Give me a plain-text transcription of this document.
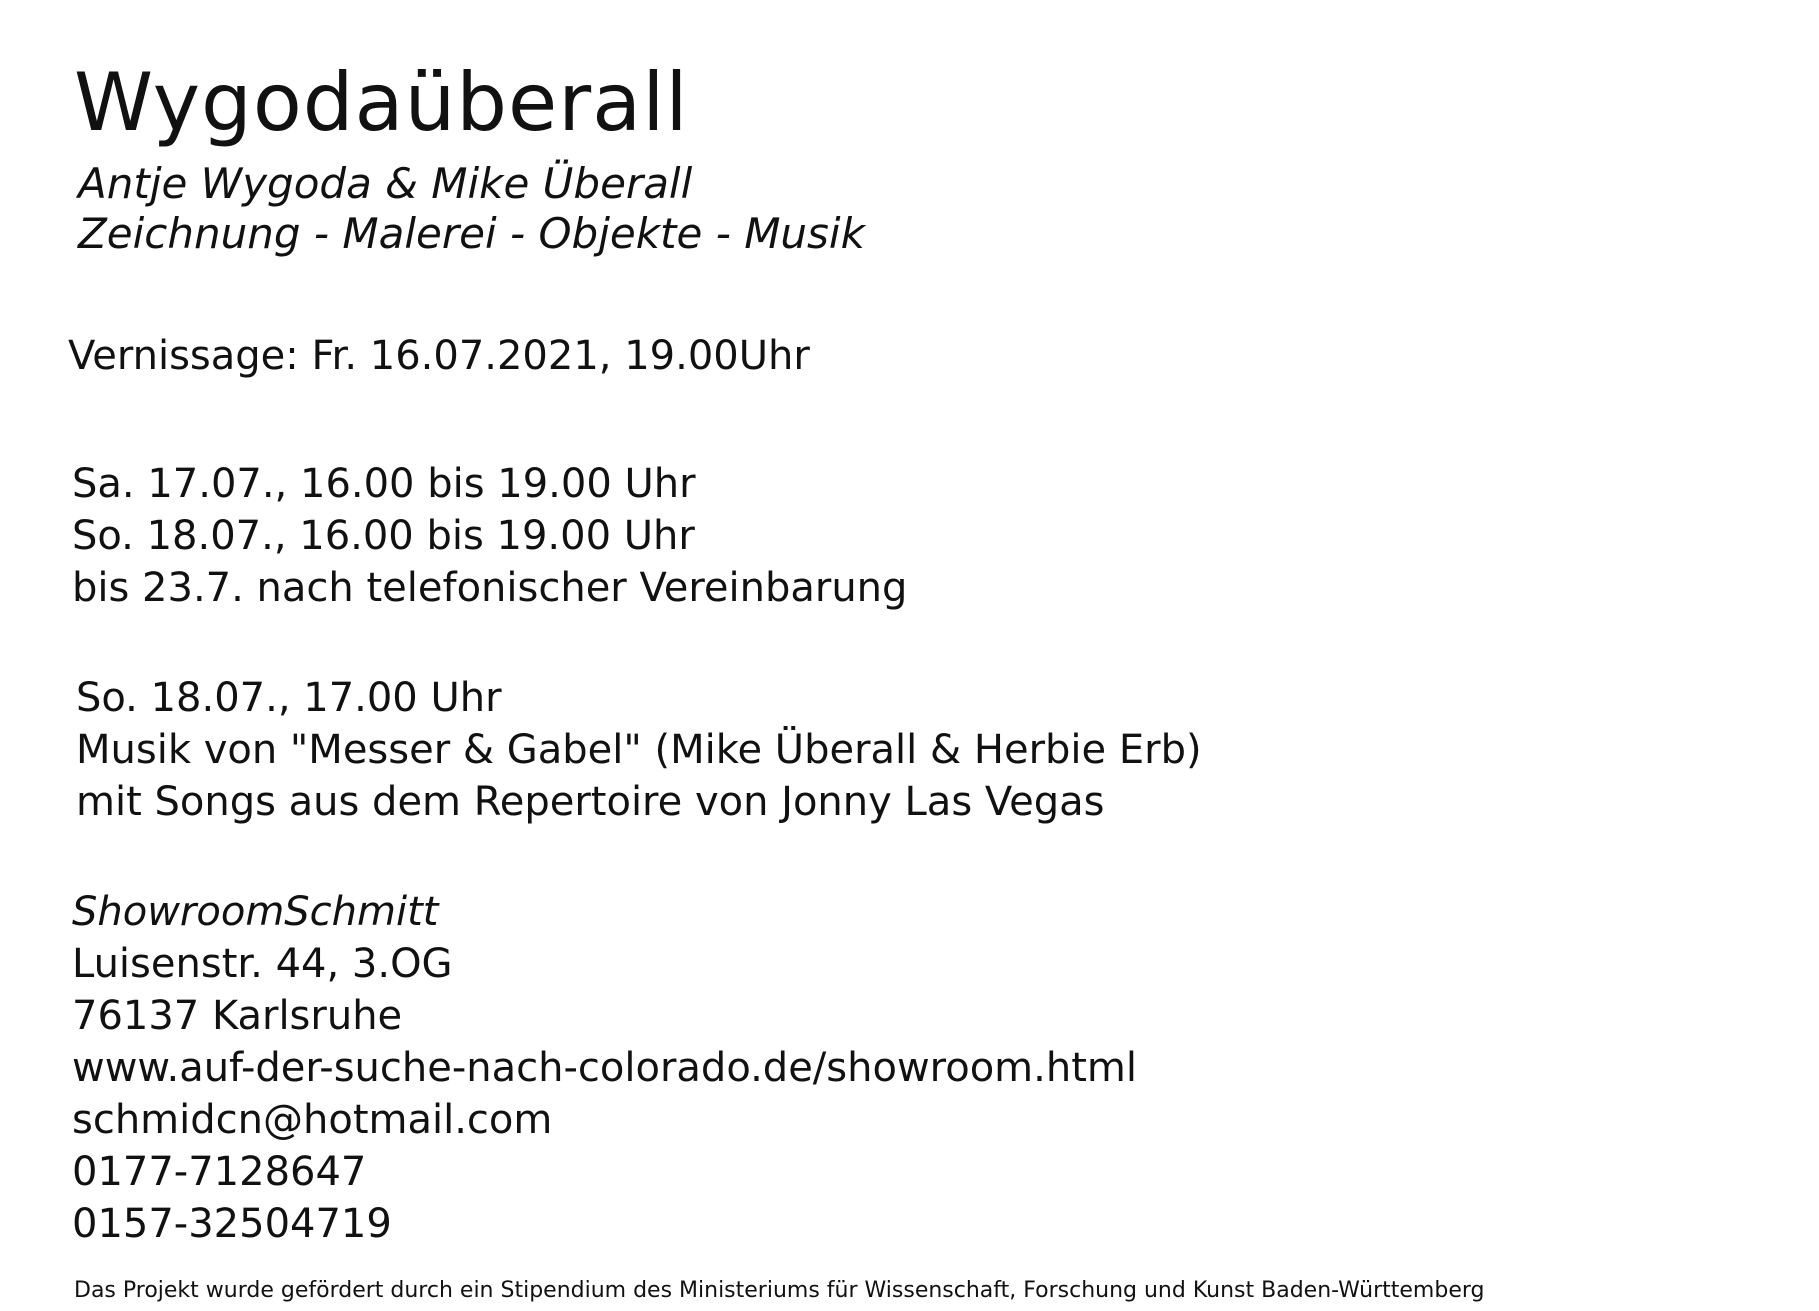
Wygodaüberall
Antje Wygoda & Mike Überall
Zeichnung - Malerei - Objekte - Musik
Vernissage: Fr. 16.07.2021, 19.00Uhr
Sa. 17.07., 16.00 bis 19.00 Uhr
So. 18.07., 16.00 bis 19.00 Uhr
bis 23.7. nach telefonischer Vereinbarung
So. 18.07., 17.00 Uhr
Musik von "Messer & Gabel" (Mike Überall & Herbie Erb)
mit Songs aus dem Repertoire von Jonny Las Vegas
ShowroomSchmitt
Luisenstr. 44, 3.OG
76137 Karlsruhe
www.auf-der-suche-nach-colorado.de/showroom.html
schmidcn@hotmail.com
0177-7128647
0157-32504719
Das Projekt wurde gefördert durch ein Stipendium des Ministeriums für Wissenschaft, Forschung und Kunst Baden-Württemberg
